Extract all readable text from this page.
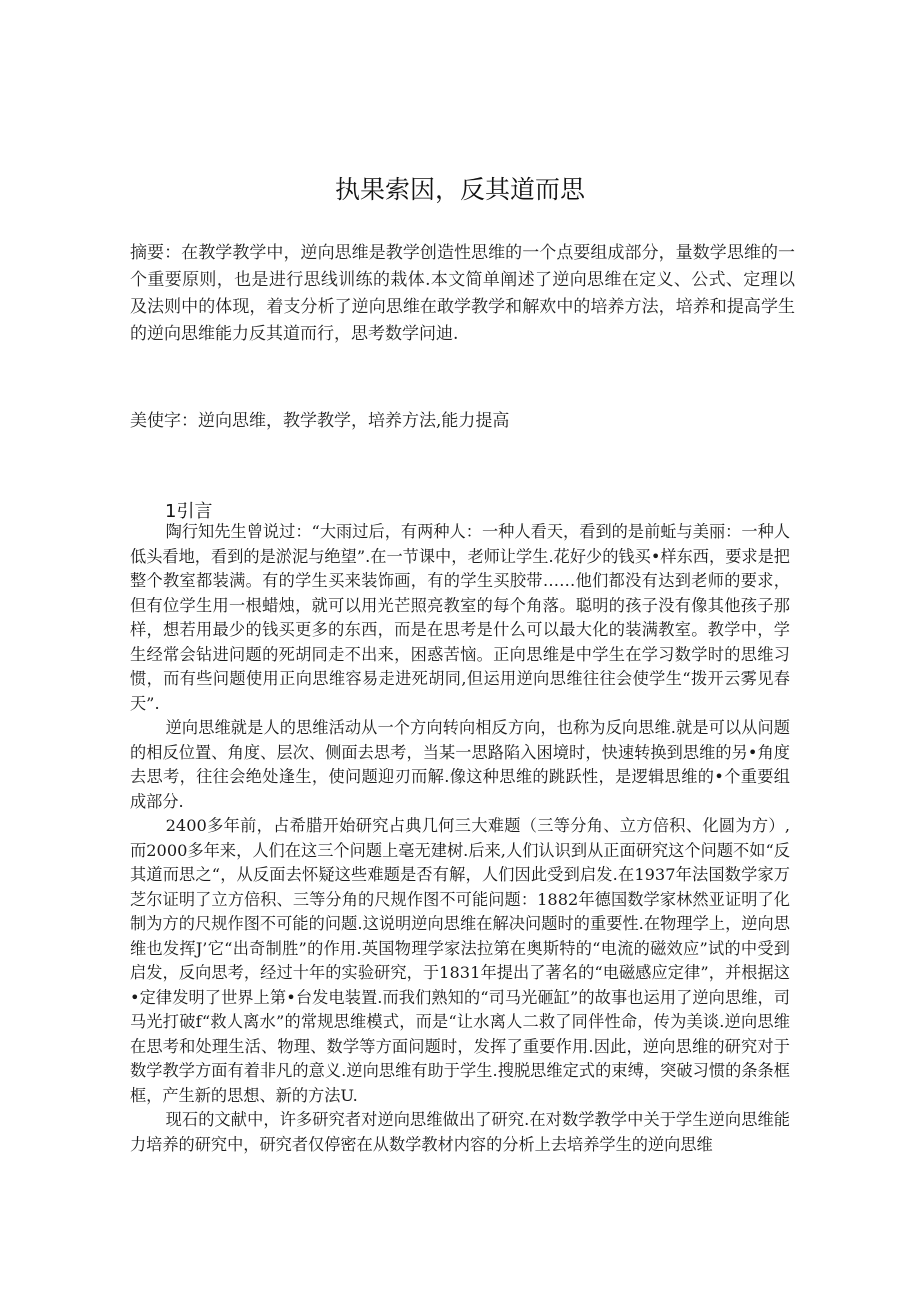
执果索因，反其道而思
摘要：在教学教学中，逆向思维是教学创造性思维的一个点要组成部分，量数学思维的一个重要原则，也是进行思线训练的栽体.本文简单阐述了逆向思维在定义、公式、定理以及法则中的体现，着支分析了逆向思维在敢学教学和解欢中的培养方法，培养和提高学生的逆向思维能力反其道而行，思考数学问迪.
美使字：逆向思维，教学教学，培养方法,能力提高
1引言

陶行知先生曾说过：“大雨过后，有两种人：一种人看天，看到的是前蚯与美丽：一种人低头看地，看到的是淤泥与绝望”.在一节课中，老师让学生.花好少的钱买•样东西，要求是把整个教室都装满。有的学生买来装饰画，有的学生买胶带……他们都没有达到老师的要求，但有位学生用一根蜡烛，就可以用光芒照亮教室的每个角落。聪明的孩子没有像其他孩子那样，想若用最少的钱买更多的东西，而是在思考是什么可以最大化的装满教室。教学中，学生经常会钻进问题的死胡同走不出来，困惑苦恼。正向思维是中学生在学习数学时的思维习惯，而有些问题使用正向思维容易走进死胡同,但运用逆向思维往往会使学生“拨开云雾见春天”.

逆向思维就是人的思维活动从一个方向转向相反方向，也称为反向思维.就是可以从问题的相反位置、角度、层次、侧面去思考，当某一思路陷入困境时，快速转换到思维的另•角度去思考，往往会绝处逢生，使问题迎刃而解.像这种思维的跳跃性，是逻辑思维的•个重要组成部分.

2400多年前，占希腊开始研究占典几何三大难题（三等分角、立方倍积、化圆为方）,而2000多年来，人们在这三个问题上毫无建树.后来,人们认识到从正面研究这个问题不如“反其道而思之“，从反面去怀疑这些难题是否有解，人们因此受到启发.在1937年法国数学家万芝尔证明了立方倍积、三等分角的尺规作图不可能问题：1882年德国数学家林然亚证明了化制为方的尺规作图不可能的问题.这说明逆向思维在解决问题时的重要性.在物理学上，逆向思维也发挥J’它“出奇制胜”的作用.英国物理学家法拉第在奥斯特的“电流的磁效应”试的中受到启发，反向思考，经过十年的实验研究，于1831年提出了著名的“电磁感应定律”，并根据这•定律发明了世界上第•台发电装置.而我们熟知的“司马光砸缸”的故事也运用了逆向思维，司马光打破f“救人离水”的常规思维模式，而是“让水离人二救了同伴性命，传为美谈.逆向思维在思考和处理生活、物理、数学等方面问题时，发挥了重要作用.因此，逆向思维的研究对于数学教学方面有着非凡的意义.逆向思维有助于学生.搜脱思维定式的束缚，突破习惯的条条框框，产生新的思想、新的方法U.

现石的文献中，许多研究者对逆向思维做出了研究.在对数学教学中关于学生逆向思维能力培养的研究中，研究者仅停密在从数学教材内容的分析上去培养学生的逆向思维
